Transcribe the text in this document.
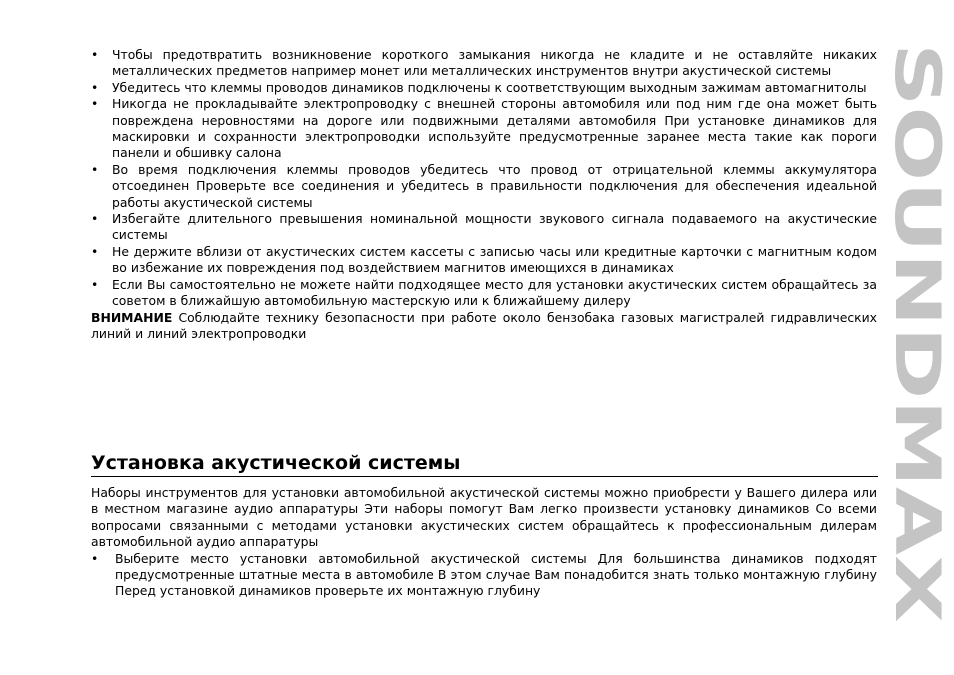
•	Чтобы предотвратить возникновение короткого замыкания никогда не кладите и не оставляйте никаких металлических предметов например монет или металлических инструментов внутри акустической системы
•	Убедитесь что клеммы проводов динамиков подключены к соответствующим выходным зажимам автомагнитолы
•	Никогда не прокладывайте электропроводку с внешней стороны автомобиля или под ним где она может быть повреждена неровностями на дороге или подвижными деталями автомобиля При установке динамиков для маскировки и сохранности электропроводки используйте предусмотренные заранее места такие как пороги панели и обшивку салона
•	Во время подключения клеммы проводов убедитесь что провод от отрицательной клеммы аккумулятора отсоединен Проверьте все соединения и убедитесь в правильности подключения для обеспечения идеальной работы акустической системы
•	Избегайте длительного превышения номинальной мощности звукового сигнала подаваемого на акустические системы
•	Не держите вблизи от акустических систем кассеты с записью часы или кредитные карточки с магнитным кодом во избежание их повреждения под воздействием магнитов имеющихся в динамиках
•	Если Вы самостоятельно не можете найти подходящее место для установки акустических систем обращайтесь за советом в ближайшую автомобильную мастерскую или к ближайшему дилеру
ВНИМАНИЕ Соблюдайте технику безопасности при работе около бензобака газовых магистралей гидравлических линий и линий электропроводки
Установка акустической системы

Наборы инструментов для установки автомобильной акустической системы можно приобрести у Вашего дилера или в местном магазине аудио аппаратуры Эти наборы помогут Вам легко произвести установку динамиков Со всеми вопросами связанными с методами установки акустических систем обращайтесь к профессиональным дилерам автомобильной аудио аппаратуры

•	Выберите место установки автомобильной акустической системы Для большинства динамиков подходят предусмотренные штатные места в автомобиле В этом случае Вам понадобится знать только монтажную глубину Перед установкой динамиков проверьте их монтажную глубину
SOUNDMAX
